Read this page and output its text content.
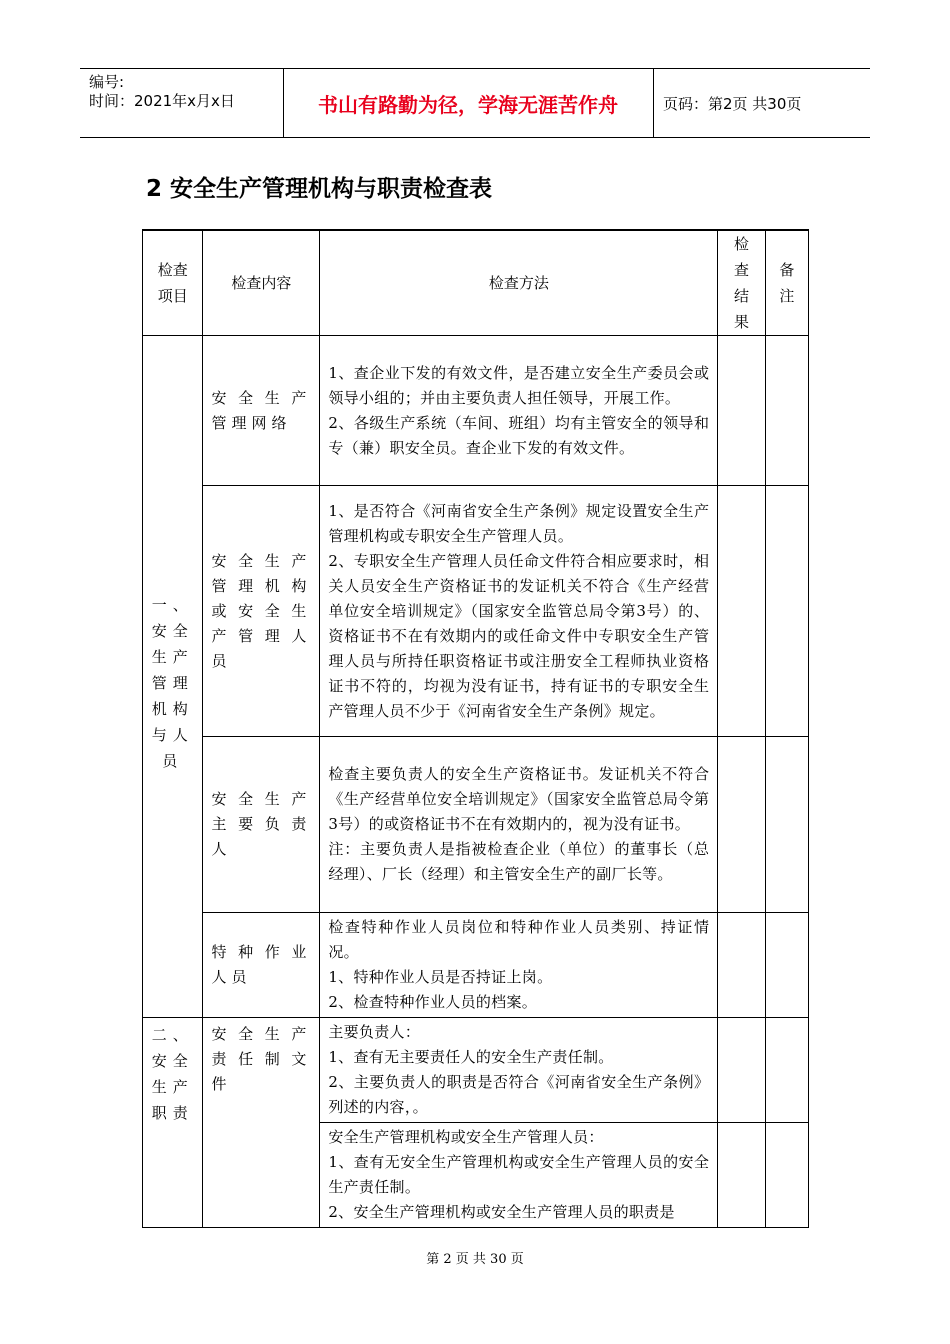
编号:
时间：2021年x月x日	书山有路勤为径，学海无涯苦作舟	页码：第2页 共30页
2 安全生产管理机构与职责检查表
检查项目	检查内容	检查方法	检查结果	备注

一、安全生产管理机构与人员	安全生产管理网络	1、查企业下发的有效文件，是否建立安全生产委员会或领导小组的；并由主要负责人担任领导，开展工作。
2、各级生产系统（车间、班组）均有主管安全的领导和专（兼）职安全员。查企业下发的有效文件。		

	安全生产管理机构或安全生产管理人员	1、是否符合《河南省安全生产条例》规定设置安全生产管理机构或专职安全生产管理人员。
2、专职安全生产管理人员任命文件符合相应要求时，相关人员安全生产资格证书的发证机关不符合《生产经营单位安全培训规定》（国家安全监管总局令第3号）的、资格证书不在有效期内的或任命文件中专职安全生产管理人员与所持任职资格证书或注册安全工程师执业资格证书不符的，均视为没有证书，持有证书的专职安全生产管理人员不少于《河南省安全生产条例》规定。		

	安全生产主要负责人	检查主要负责人的安全生产资格证书。发证机关不符合《生产经营单位安全培训规定》（国家安全监管总局令第3号）的或资格证书不在有效期内的，视为没有证书。
注：主要负责人是指被检查企业（单位）的董事长（总经理）、厂长（经理）和主管安全生产的副厂长等。		

	特种作业人员	检查特种作业人员岗位和特种作业人员类别、持证情况。
1、特种作业人员是否持证上岗。
2、检查特种作业人员的档案。		

二、安全生产职责	安全生产责任制文件	主要负责人：
1、查有无主要责任人的安全生产责任制。
2、主要负责人的职责是否符合《河南省安全生产条例》列述的内容，。		

		安全生产管理机构或安全生产管理人员：
1、查有无安全生产管理机构或安全生产管理人员的安全生产责任制。
2、安全生产管理机构或安全生产管理人员的职责是		

第 2 页 共 30 页
